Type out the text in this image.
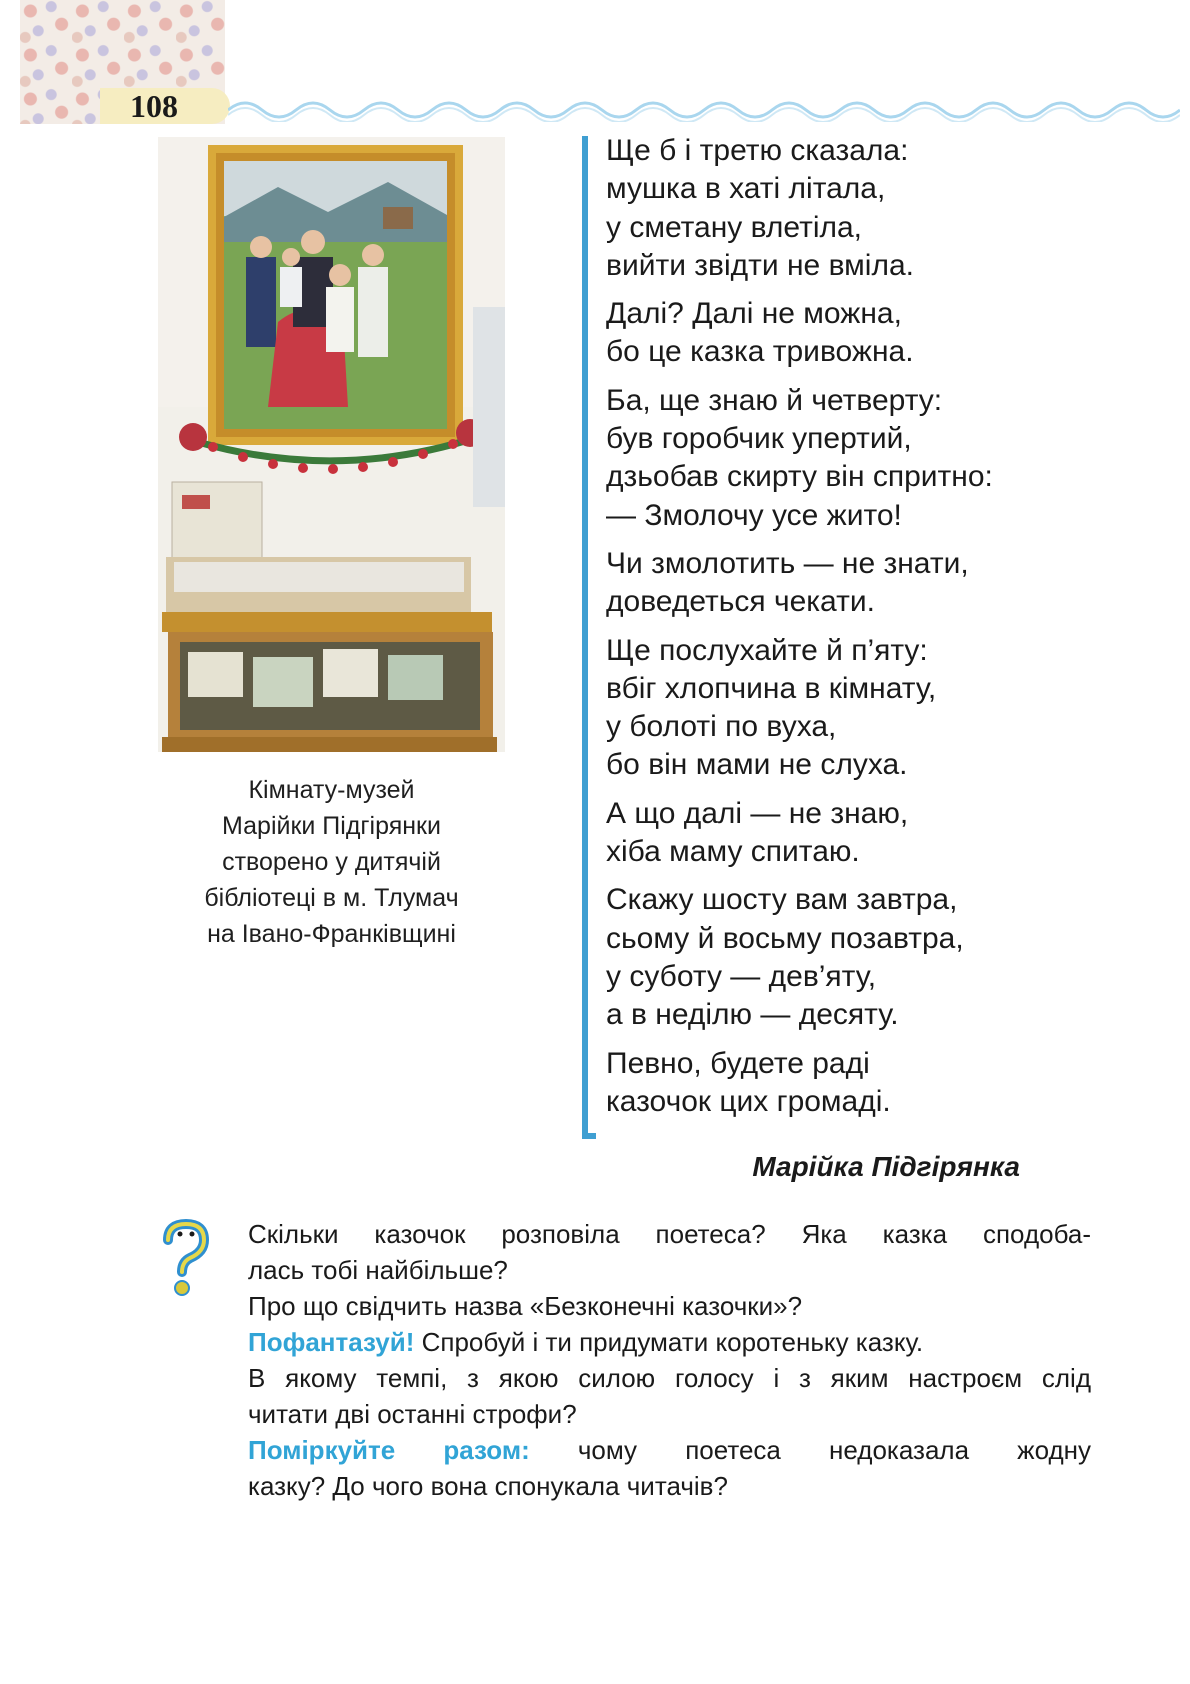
108
Кімнату-музей
Марійки Підгірянки
створено у дитячій
бібліотеці в м. Тлумач
на Івано-Франківщині
Ще б і третю сказала:
мушка в хаті літала,
у сметану влетіла,
вийти звідти не вміла.
Далі? Далі не можна,
бо це казка тривожна.
Ба, ще знаю й четверту:
був горобчик упертий,
дзьобав скирту він спритно:
— Змолочу усе жито!
Чи змолотить — не знати,
доведеться чекати.
Ще послухайте й п’яту:
вбіг хлопчина в кімнату,
у болоті по вуха,
бо він мами не слуха.
А що далі — не знаю,
хіба маму спитаю.
Скажу шосту вам завтра,
сьому й восьму позавтра,
у суботу — дев’яту,
а в неділю — десяту.
Певно, будете раді
казочок цих громаді.
Марійка Підгірянка

Скільки казочок розповіла поетеса? Яка казка сподоба-

лась тобі найбільше?

Про що свідчить назва «Безконечні казочки»?

Пофантазуй! Спробуй і ти придумати коротеньку казку.

В якому темпі, з якою силою голосу і з яким настроєм слід

читати дві останні строфи?

Поміркуйте разом: чому поетеса недоказала жодну

казку? До чого вона спонукала читачів?
